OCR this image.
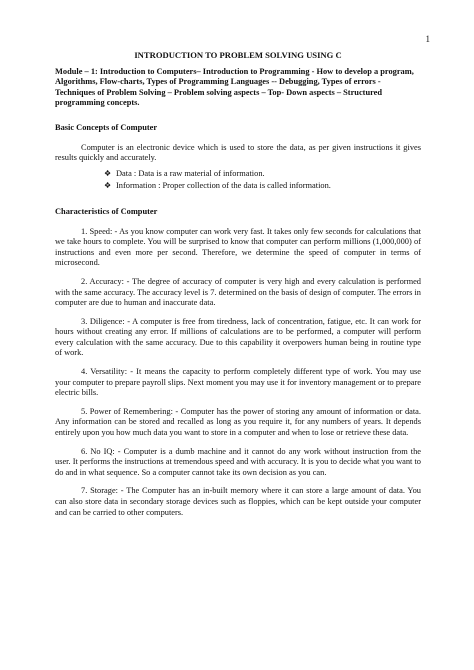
1
INTRODUCTION TO PROBLEM SOLVING USING C
Module – 1: Introduction to Computers– Introduction to Programming - How to develop a program, Algorithms, Flow-charts, Types of Programming Languages -- Debugging, Types of errors - Techniques of Problem Solving – Problem solving aspects – Top- Down aspects – Structured programming concepts.
Basic Concepts of Computer

Computer is an electronic device which is used to store the data, as per given instructions it gives results quickly and accurately.

❖ Data : Data is a raw material of information.
❖ Information : Proper collection of the data is called information.
Characteristics of Computer

1. Speed: - As you know computer can work very fast. It takes only few seconds for calculations that we take hours to complete. You will be surprised to know that computer can perform millions (1,000,000) of instructions and even more per second. Therefore, we determine the speed of computer in terms of microsecond.

2. Accuracy: - The degree of accuracy of computer is very high and every calculation is performed with the same accuracy. The accuracy level is 7. determined on the basis of design of computer. The errors in computer are due to human and inaccurate data.

3. Diligence: - A computer is free from tiredness, lack of concentration, fatigue, etc. It can work for hours without creating any error. If millions of calculations are to be performed, a computer will perform every calculation with the same accuracy. Due to this capability it overpowers human being in routine type of work.

4. Versatility: - It means the capacity to perform completely different type of work. You may use your computer to prepare payroll slips. Next moment you may use it for inventory management or to prepare electric bills.

5. Power of Remembering: - Computer has the power of storing any amount of information or data. Any information can be stored and recalled as long as you require it, for any numbers of years. It depends entirely upon you how much data you want to store in a computer and when to lose or retrieve these data.

6. No IQ: - Computer is a dumb machine and it cannot do any work without instruction from the user. It performs the instructions at tremendous speed and with accuracy. It is you to decide what you want to do and in what sequence. So a computer cannot take its own decision as you can.

7. Storage: - The Computer has an in-built memory where it can store a large amount of data. You can also store data in secondary storage devices such as floppies, which can be kept outside your computer and can be carried to other computers.
